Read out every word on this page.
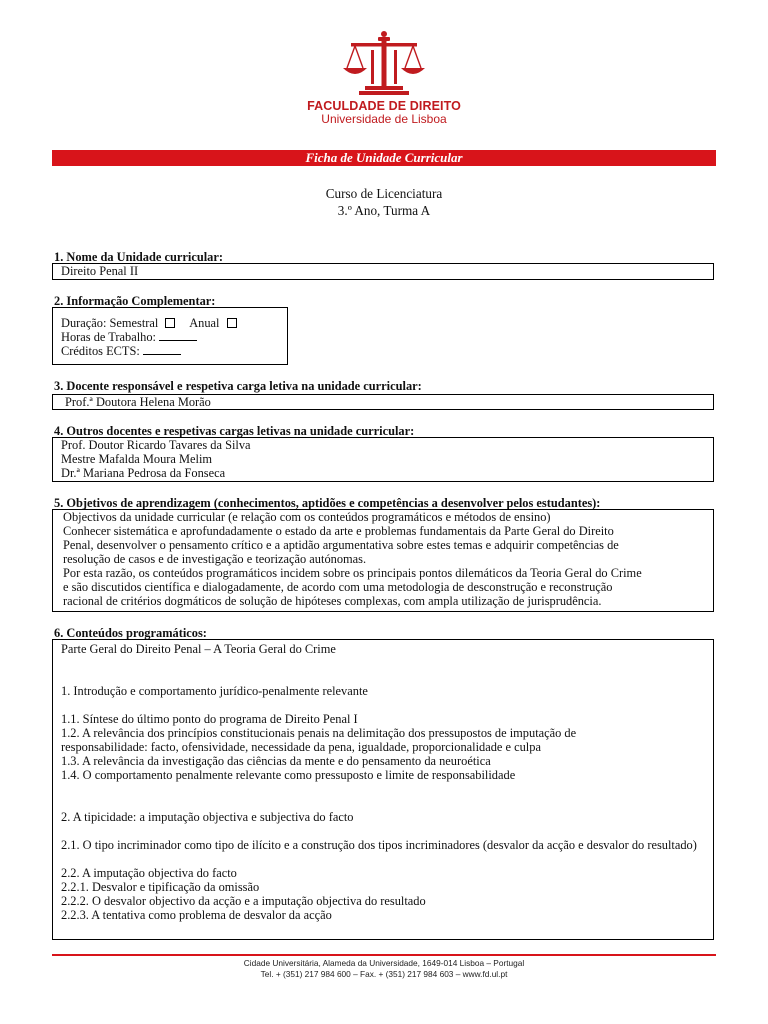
FACULDADE DE DIREITO
Universidade de Lisboa
Ficha de Unidade Curricular
Curso de Licenciatura
3.º Ano, Turma A
1. Nome da Unidade curricular:
Direito Penal II
2. Informação Complementar:
Duração: Semestral Anual
Horas de Trabalho:
Créditos ECTS:
3. Docente responsável e respetiva carga letiva na unidade curricular:
Prof.ª Doutora Helena Morão
4. Outros docentes e respetivas cargas letivas na unidade curricular:
Prof. Doutor Ricardo Tavares da Silva
Mestre Mafalda Moura Melim
Dr.ª Mariana Pedrosa da Fonseca
5. Objetivos de aprendizagem (conhecimentos, aptidões e competências a desenvolver pelos estudantes):
Objectivos da unidade curricular (e relação com os conteúdos programáticos e métodos de ensino)
Conhecer sistemática e aprofundadamente o estado da arte e problemas fundamentais da Parte Geral do Direito
Penal, desenvolver o pensamento crítico e a aptidão argumentativa sobre estes temas e adquirir competências de
resolução de casos e de investigação e teorização autónomas.
Por esta razão, os conteúdos programáticos incidem sobre os principais pontos dilemáticos da Teoria Geral do Crime
e são discutidos científica e dialogadamente, de acordo com uma metodologia de desconstrução e reconstrução
racional de critérios dogmáticos de solução de hipóteses complexas, com ampla utilização de jurisprudência.
6. Conteúdos programáticos:
Parte Geral do Direito Penal – A Teoria Geral do Crime
1. Introdução e comportamento jurídico-penalmente relevante
1.1. Síntese do último ponto do programa de Direito Penal I
1.2. A relevância dos princípios constitucionais penais na delimitação dos pressupostos de imputação de
responsabilidade: facto, ofensividade, necessidade da pena, igualdade, proporcionalidade e culpa
1.3. A relevância da investigação das ciências da mente e do pensamento da neuroética
1.4. O comportamento penalmente relevante como pressuposto e limite de responsabilidade
2. A tipicidade: a imputação objectiva e subjectiva do facto
2.1. O tipo incriminador como tipo de ilícito e a construção dos tipos incriminadores (desvalor da acção e desvalor do resultado)
2.2. A imputação objectiva do facto
2.2.1. Desvalor e tipificação da omissão
2.2.2. O desvalor objectivo da acção e a imputação objectiva do resultado
2.2.3. A tentativa como problema de desvalor da acção
Cidade Universitária, Alameda da Universidade, 1649-014 Lisboa – Portugal
Tel. + (351) 217 984 600 – Fax. + (351) 217 984 603 – www.fd.ul.pt
